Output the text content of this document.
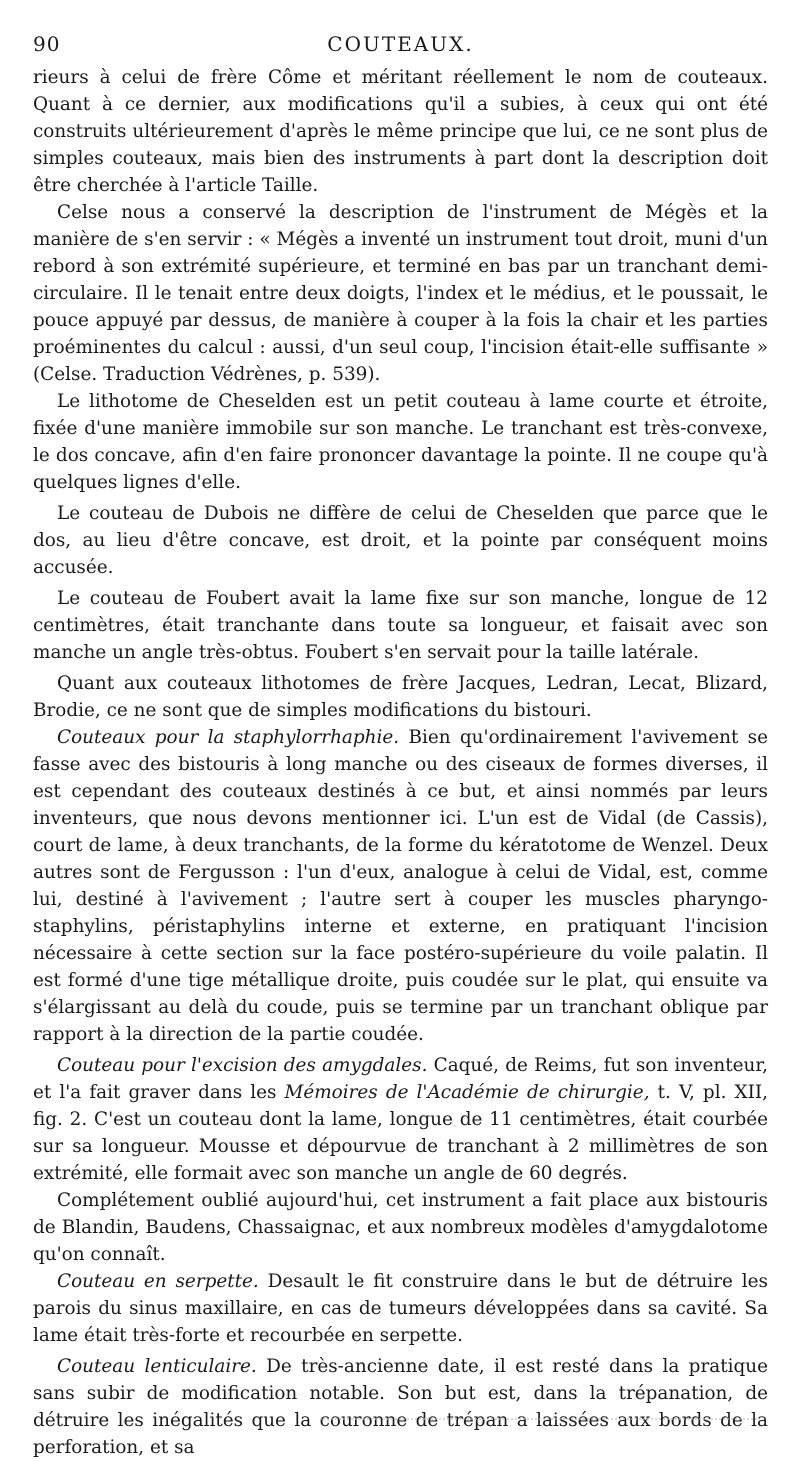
90	COUTEAUX.

rieurs à celui de frère Côme et méritant réellement le nom de couteaux. Quant à ce dernier, aux modifications qu'il a subies, à ceux qui ont été construits ultérieurement d'après le même principe que lui, ce ne sont plus de simples couteaux, mais bien des instruments à part dont la description doit être cherchée à l'article Taille.

Celse nous a conservé la description de l'instrument de Mégès et la manière de s'en servir : « Mégès a inventé un instrument tout droit, muni d'un rebord à son extrémité supérieure, et terminé en bas par un tranchant demi-circulaire. Il le tenait entre deux doigts, l'index et le médius, et le poussait, le pouce appuyé par dessus, de manière à couper à la fois la chair et les parties proéminentes du calcul : aussi, d'un seul coup, l'incision était-elle suffisante » (Celse. Traduction Védrènes, p. 539).

Le lithotome de Cheselden est un petit couteau à lame courte et étroite, fixée d'une manière immobile sur son manche. Le tranchant est très-convexe, le dos concave, afin d'en faire prononcer davantage la pointe. Il ne coupe qu'à quelques lignes d'elle.

Le couteau de Dubois ne diffère de celui de Cheselden que parce que le dos, au lieu d'être concave, est droit, et la pointe par conséquent moins accusée.

Le couteau de Foubert avait la lame fixe sur son manche, longue de 12 centimètres, était tranchante dans toute sa longueur, et faisait avec son manche un angle très-obtus. Foubert s'en servait pour la taille latérale.

Quant aux couteaux lithotomes de frère Jacques, Ledran, Lecat, Blizard, Brodie, ce ne sont que de simples modifications du bistouri.

Couteaux pour la staphylorrhaphie. Bien qu'ordinairement l'avivement se fasse avec des bistouris à long manche ou des ciseaux de formes diverses, il est cependant des couteaux destinés à ce but, et ainsi nommés par leurs inventeurs, que nous devons mentionner ici. L'un est de Vidal (de Cassis), court de lame, à deux tranchants, de la forme du kératotome de Wenzel. Deux autres sont de Fergusson : l'un d'eux, analogue à celui de Vidal, est, comme lui, destiné à l'avivement ; l'autre sert à couper les muscles pharyngo-staphylins, péristaphylins interne et externe, en pratiquant l'incision nécessaire à cette section sur la face postéro-supérieure du voile palatin. Il est formé d'une tige métallique droite, puis coudée sur le plat, qui ensuite va s'élargissant au delà du coude, puis se termine par un tranchant oblique par rapport à la direction de la partie coudée.

Couteau pour l'excision des amygdales. Caqué, de Reims, fut son inventeur, et l'a fait graver dans les Mémoires de l'Académie de chirurgie, t. V, pl. XII, fig. 2. C'est un couteau dont la lame, longue de 11 centimètres, était courbée sur sa longueur. Mousse et dépourvue de tranchant à 2 millimètres de son extrémité, elle formait avec son manche un angle de 60 degrés.

Complétement oublié aujourd'hui, cet instrument a fait place aux bistouris de Blandin, Baudens, Chassaignac, et aux nombreux modèles d'amygdalotome qu'on connaît.

Couteau en serpette. Desault le fit construire dans le but de détruire les parois du sinus maxillaire, en cas de tumeurs développées dans sa cavité. Sa lame était très-forte et recourbée en serpette.

Couteau lenticulaire. De très-ancienne date, il est resté dans la pratique sans subir de modification notable. Son but est, dans la trépanation, de détruire les inégalités que la couronne de trépan a laissées aux bords de la perforation, et sa
